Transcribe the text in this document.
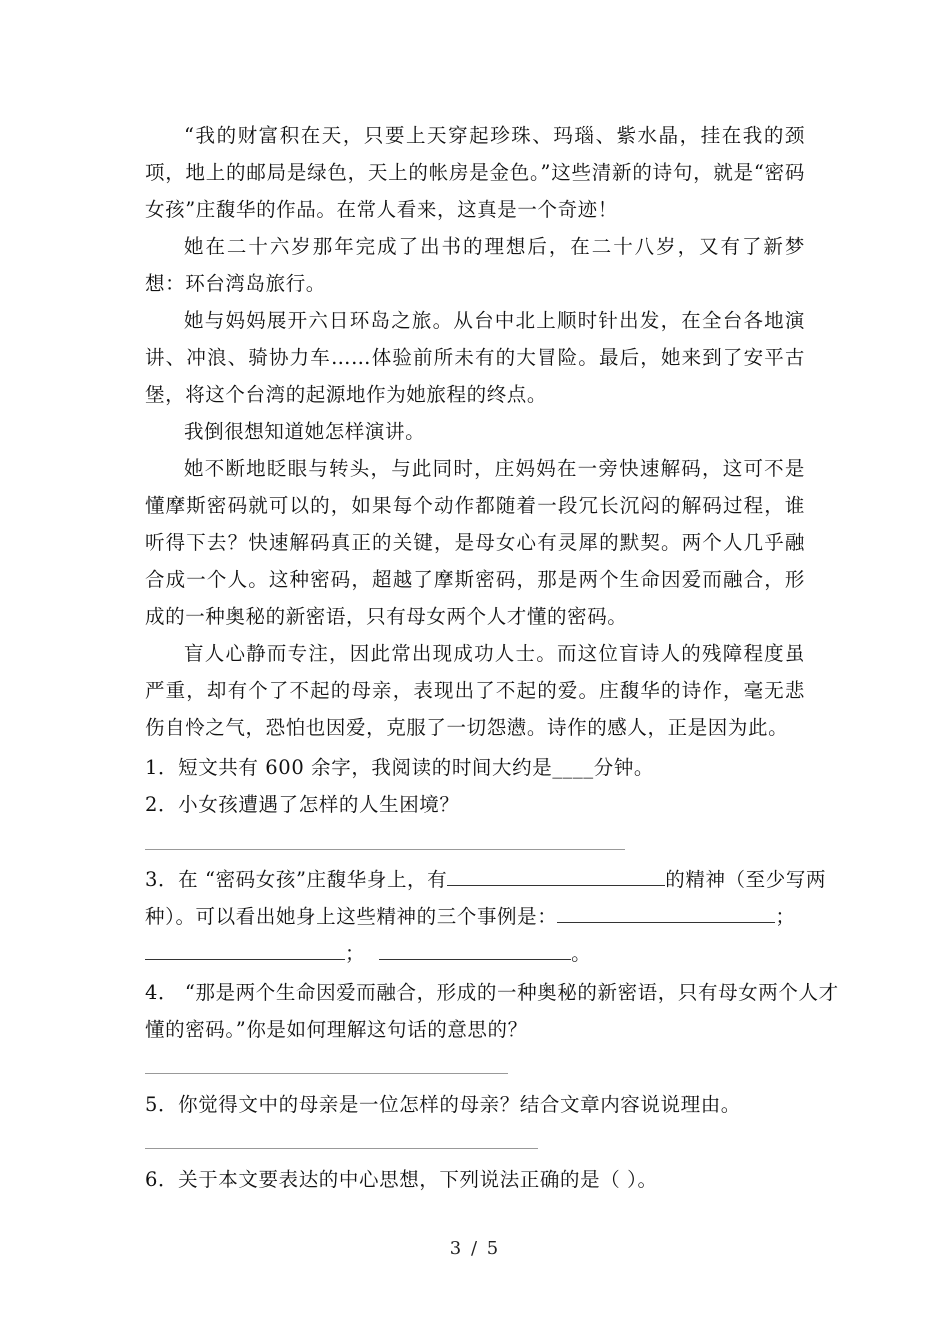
“我的财富积在天，只要上天穿起珍珠、玛瑙、紫水晶，挂在我的颈项，地上的邮局是绿色，天上的帐房是金色。”这些清新的诗句，就是“密码女孩”庄馥华的作品。在常人看来，这真是一个奇迹！

她在二十六岁那年完成了出书的理想后，在二十八岁，又有了新梦想：环台湾岛旅行。

她与妈妈展开六日环岛之旅。从台中北上顺时针出发，在全台各地演讲、冲浪、骑协力车……体验前所未有的大冒险。最后，她来到了安平古堡，将这个台湾的起源地作为她旅程的终点。

我倒很想知道她怎样演讲。

她不断地眨眼与转头，与此同时，庄妈妈在一旁快速解码，这可不是懂摩斯密码就可以的，如果每个动作都随着一段冗长沉闷的解码过程，谁听得下去？快速解码真正的关键，是母女心有灵犀的默契。两个人几乎融合成一个人。这种密码，超越了摩斯密码，那是两个生命因爱而融合，形成的一种奥秘的新密语，只有母女两个人才懂的密码。

盲人心静而专注，因此常出现成功人士。而这位盲诗人的残障程度虽严重，却有个了不起的母亲，表现出了不起的爱。庄馥华的诗作，毫无悲伤自怜之气，恐怕也因爱，克服了一切怨懑。诗作的感人，正是因为此。

1．短文共有 600 余字，我阅读的时间大约是____分钟。

2．小女孩遭遇了怎样的人生困境？

3．在 “密码女孩”庄馥华身上，有	的精神（至少写两

种）。可以看出她身上这些精神的三个事例是：	；

；	。

4． “那是两个生命因爱而融合，形成的一种奥秘的新密语，只有母女两个人才

懂的密码。”你是如何理解这句话的意思的？

5．你觉得文中的母亲是一位怎样的母亲？结合文章内容说说理由。

6．关于本文要表达的中心思想，下列说法正确的是（ ）。

3 / 5
